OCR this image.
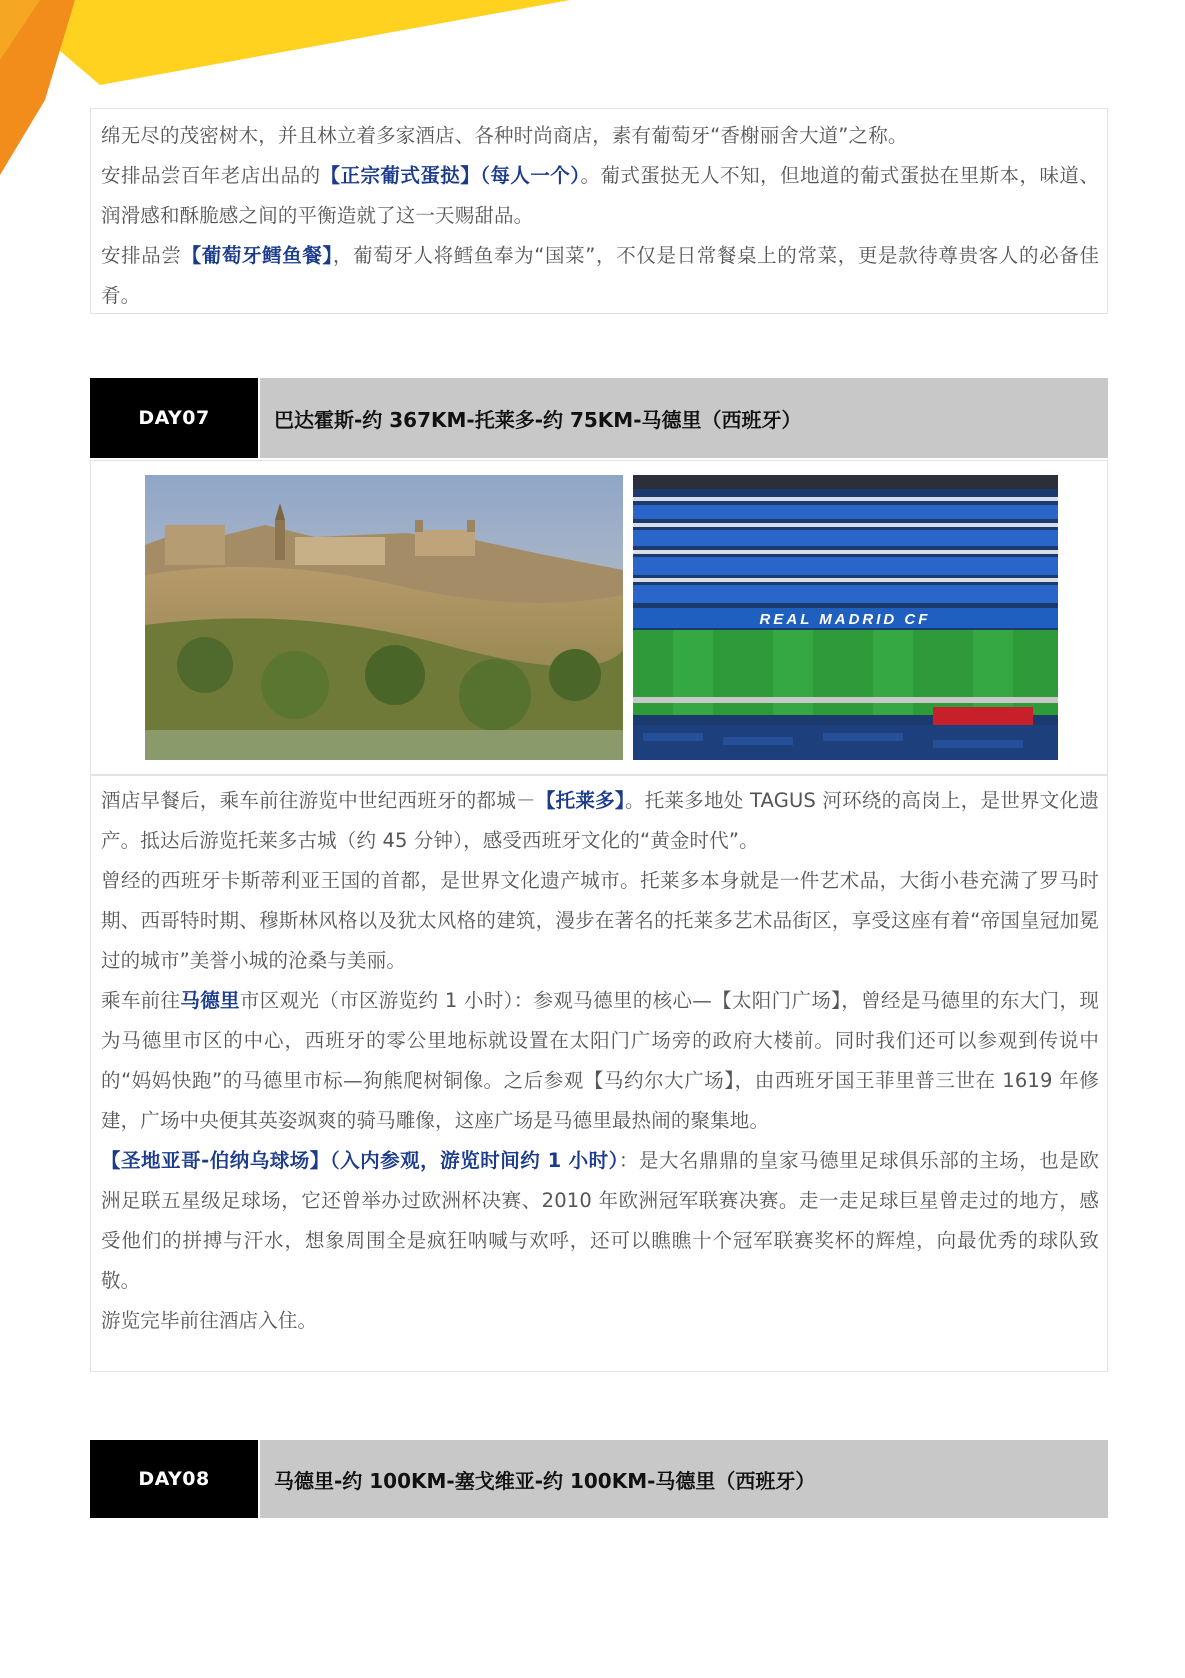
绵无尽的茂密树木，并且林立着多家酒店、各种时尚商店，素有葡萄牙“香榭丽舍大道”之称。

安排品尝百年老店出品的【正宗葡式蛋挞】（每人一个）。葡式蛋挞无人不知，但地道的葡式蛋挞在里斯本，味道、润滑感和酥脆感之间的平衡造就了这一天赐甜品。

安排品尝【葡萄牙鳕鱼餐】，葡萄牙人将鳕鱼奉为“国菜”，不仅是日常餐桌上的常菜，更是款待尊贵客人的必备佳肴。

DAY07	巴达霍斯-约 367KM-托莱多-约 75KM-马德里（西班牙）
REAL MADRID CF

酒店早餐后，乘车前往游览中世纪西班牙的都城－【托莱多】。托莱多地处 TAGUS 河环绕的高岗上，是世界文化遗产。抵达后游览托莱多古城（约 45 分钟），感受西班牙文化的“黄金时代”。

曾经的西班牙卡斯蒂利亚王国的首都，是世界文化遗产城市。托莱多本身就是一件艺术品，大街小巷充满了罗马时期、西哥特时期、穆斯林风格以及犹太风格的建筑，漫步在著名的托莱多艺术品街区，享受这座有着“帝国皇冠加冕过的城市”美誉小城的沧桑与美丽。

乘车前往马德里市区观光（市区游览约 1 小时）：参观马德里的核心—【太阳门广场】，曾经是马德里的东大门，现为马德里市区的中心，西班牙的零公里地标就设置在太阳门广场旁的政府大楼前。同时我们还可以参观到传说中的“妈妈快跑”的马德里市标—狗熊爬树铜像。之后参观【马约尔大广场】，由西班牙国王菲里普三世在 1619 年修建，广场中央便其英姿飒爽的骑马雕像，这座广场是马德里最热闹的聚集地。

【圣地亚哥-伯纳乌球场】（入内参观，游览时间约 1 小时）：是大名鼎鼎的皇家马德里足球俱乐部的主场，也是欧洲足联五星级足球场，它还曾举办过欧洲杯决赛、2010 年欧洲冠军联赛决赛。走一走足球巨星曾走过的地方，感受他们的拼搏与汗水，想象周围全是疯狂呐喊与欢呼，还可以瞧瞧十个冠军联赛奖杯的辉煌，向最优秀的球队致敬。

游览完毕前往酒店入住。

DAY08	马德里-约 100KM-塞戈维亚-约 100KM-马德里（西班牙）
